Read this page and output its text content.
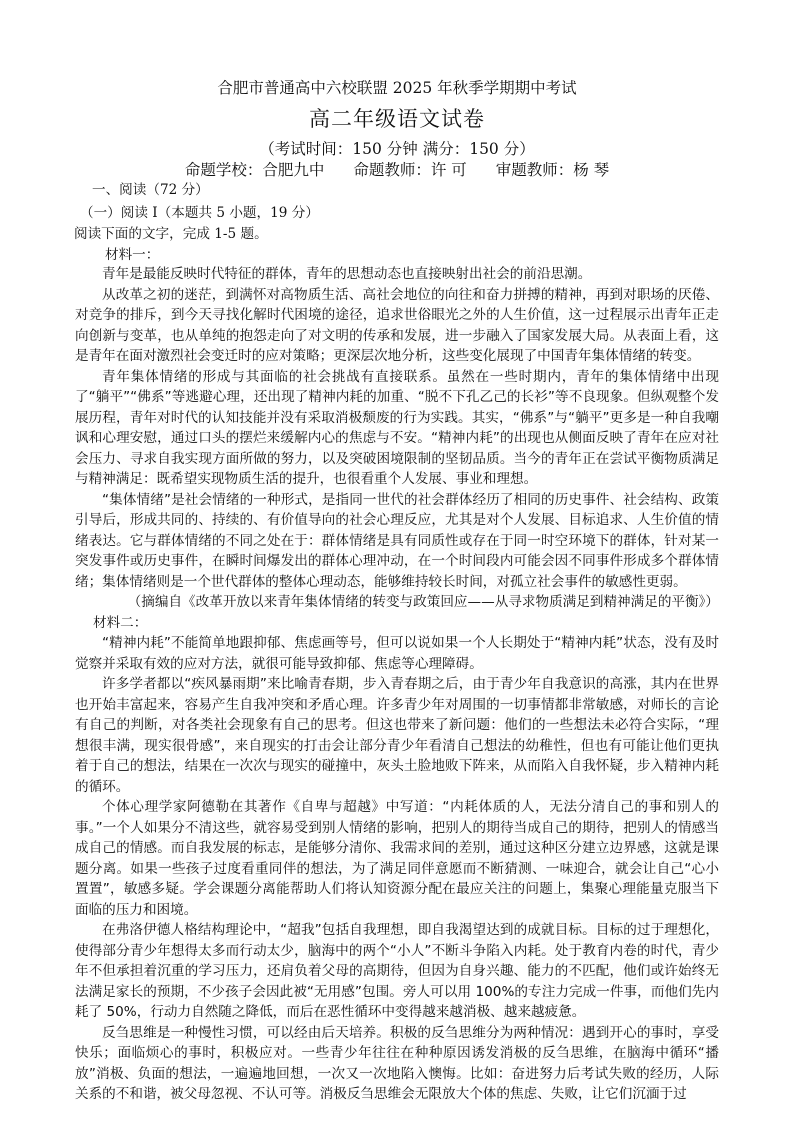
合肥市普通高中六校联盟 2025 年秋季学期期中考试
高二年级语文试卷
（考试时间：150 分钟 满分：150 分）
命题学校：合肥九中 命题教师：许 可 审题教师：杨 琴
一、阅读（72 分）
（一）阅读 I（本题共 5 小题，19 分）
阅读下面的文字，完成 1-5 题。
材料一：

青年是最能反映时代特征的群体，青年的思想动态也直接映射出社会的前沿思潮。

从改革之初的迷茫，到满怀对高物质生活、高社会地位的向往和奋力拼搏的精神，再到对职场的厌倦、对竞争的排斥，到今天寻找化解时代困境的途径，追求世俗眼光之外的人生价值，这一过程展示出青年正走向创新与变革，也从单纯的抱怨走向了对文明的传承和发展，进一步融入了国家发展大局。从表面上看，这是青年在面对激烈社会变迁时的应对策略；更深层次地分析，这些变化展现了中国青年集体情绪的转变。

青年集体情绪的形成与其面临的社会挑战有直接联系。虽然在一些时期内，青年的集体情绪中出现了“躺平”“佛系”等逃避心理，还出现了精神内耗的加重、“脱不下孔乙己的长衫”等不良现象。但纵观整个发展历程，青年对时代的认知技能并没有采取消极颓废的行为实践。其实，“佛系”与“躺平”更多是一种自我嘲讽和心理安慰，通过口头的摆烂来缓解内心的焦虑与不安。“精神内耗”的出现也从侧面反映了青年在应对社会压力、寻求自我实现方面所做的努力，以及突破困境限制的坚韧品质。当今的青年正在尝试平衡物质满足与精神满足：既希望实现物质生活的提升，也很看重个人发展、事业和理想。

“集体情绪”是社会情绪的一种形式，是指同一世代的社会群体经历了相同的历史事件、社会结构、政策引导后，形成共同的、持续的、有价值导向的社会心理反应，尤其是对个人发展、目标追求、人生价值的情绪表达。它与群体情绪的不同之处在于：群体情绪是具有同质性或存在于同一时空环境下的群体，针对某一突发事件或历史事件，在瞬时间爆发出的群体心理冲动，在一个时间段内可能会因不同事件形成多个群体情绪；集体情绪则是一个世代群体的整体心理动态，能够维持较长时间，对孤立社会事件的敏感性更弱。

（摘编自《改革开放以来青年集体情绪的转变与政策回应——从寻求物质满足到精神满足的平衡》）

材料二：

“精神内耗”不能简单地跟抑郁、焦虑画等号，但可以说如果一个人长期处于“精神内耗”状态，没有及时觉察并采取有效的应对方法，就很可能导致抑郁、焦虑等心理障碍。

许多学者都以“疾风暴雨期”来比喻青春期，步入青春期之后，由于青少年自我意识的高涨，其内在世界也开始丰富起来，容易产生自我冲突和矛盾心理。许多青少年对周围的一切事情都非常敏感，对师长的言论有自己的判断，对各类社会现象有自己的思考。但这也带来了新问题：他们的一些想法未必符合实际，“理想很丰满，现实很骨感”，来自现实的打击会让部分青少年看清自己想法的幼稚性，但也有可能让他们更执着于自己的想法，结果在一次次与现实的碰撞中，灰头土脸地败下阵来，从而陷入自我怀疑，步入精神内耗的循环。

个体心理学家阿德勒在其著作《自卑与超越》中写道：“内耗体质的人，无法分清自己的事和别人的事。”一个人如果分不清这些，就容易受到别人情绪的影响，把别人的期待当成自己的期待，把别人的情感当成自己的情感。而自我发展的标志，是能够分清你、我需求间的差别，通过这种区分建立边界感，这就是课题分离。如果一些孩子过度看重同伴的想法，为了满足同伴意愿而不断猜测、一味迎合，就会让自己“心小置置”，敏感多疑。学会课题分离能帮助人们将认知资源分配在最应关注的问题上，集聚心理能量克服当下面临的压力和困境。

在弗洛伊德人格结构理论中，“超我”包括自我理想，即自我渴望达到的成就目标。目标的过于理想化，使得部分青少年想得太多而行动太少，脑海中的两个“小人”不断斗争陷入内耗。处于教育内卷的时代，青少年不但承担着沉重的学习压力，还肩负着父母的高期待，但因为自身兴趣、能力的不匹配，他们或许始终无法满足家长的预期，不少孩子会因此被“无用感”包围。旁人可以用 100%的专注力完成一件事，而他们先内耗了 50%，行动力自然随之降低，而后在恶性循环中变得越来越消极、越来越疲惫。

反刍思维是一种慢性习惯，可以经由后天培养。积极的反刍思维分为两种情况：遇到开心的事时，享受快乐；面临烦心的事时，积极应对。一些青少年往往在种种原因诱发消极的反刍思维，在脑海中循环“播放”消极、负面的想法，一遍遍地回想，一次又一次地陷入懊悔。比如：奋进努力后考试失败的经历，人际关系的不和谐，被父母忽视、不认可等。消极反刍思维会无限放大个体的焦虑、失败，让它们沉湎于过
